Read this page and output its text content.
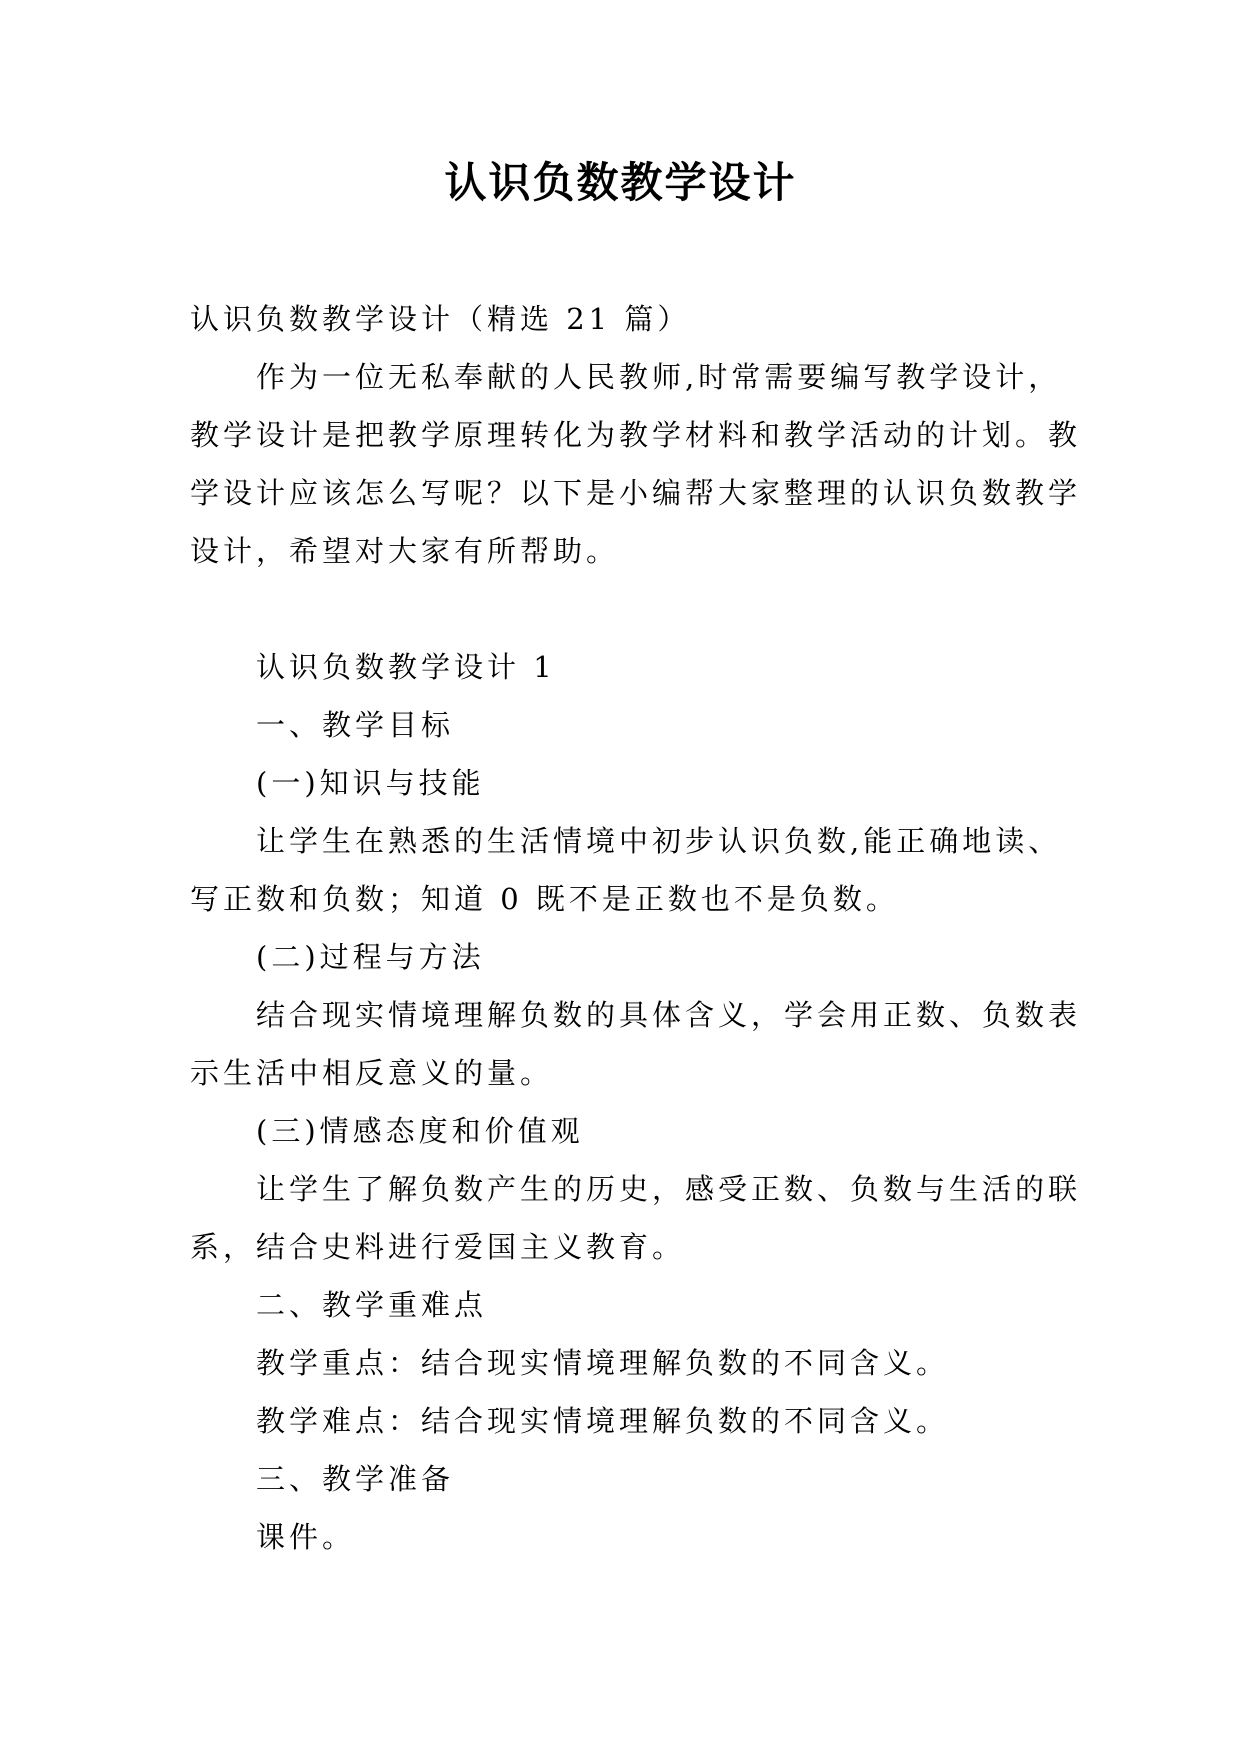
认识负数教学设计

认识负数教学设计（精选 21 篇）

作为一位无私奉献的人民教师,时常需要编写教学设计，教学设计是把教学原理转化为教学材料和教学活动的计划。教学设计应该怎么写呢？以下是小编帮大家整理的认识负数教学设计，希望对大家有所帮助。

认识负数教学设计 1

一、教学目标

(一)知识与技能

让学生在熟悉的生活情境中初步认识负数,能正确地读、写正数和负数；知道 0 既不是正数也不是负数。

(二)过程与方法

结合现实情境理解负数的具体含义，学会用正数、负数表示生活中相反意义的量。

(三)情感态度和价值观

让学生了解负数产生的历史，感受正数、负数与生活的联系，结合史料进行爱国主义教育。

二、教学重难点

教学重点：结合现实情境理解负数的不同含义。

教学难点：结合现实情境理解负数的不同含义。

三、教学准备

课件。
